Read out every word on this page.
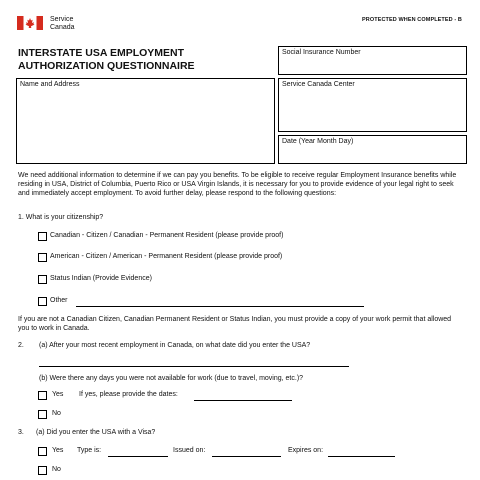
Service
Canada
PROTECTED WHEN COMPLETED - B
INTERSTATE USA EMPLOYMENT
AUTHORIZATION QUESTIONNAIRE
Social Insurance Number
Name and Address	Service Canada Center
Date (Year Month Day)
We need additional information to determine if we can pay you benefits. To be eligible to receive regular Employment Insurance benefits while residing in USA, District of Columbia, Puerto Rico or USA Virgin Islands, it is necessary for you to provide evidence of your legal right to seek and immediately accept employment. To avoid further delay, please respond to the following questions:
1. What is your citizenship?
Canadian - Citizen / Canadian - Permanent Resident (please provide proof)
American - Citizen / American - Permanent Resident (please provide proof)
Status Indian (Provide Evidence)
Other
If you are not a Canadian Citizen, Canadian Permanent Resident or Status Indian, you must provide a copy of your work permit that allowed you to work in Canada.
2. (a) After your most recent employment in Canada, on what date did you enter the USA?
(b) Were there any days you were not available for work (due to travel, moving, etc.)?
Yes If yes, please provide the dates:
No
3. (a) Did you enter the USA with a Visa?
Yes Type is:	Issued on:	Expires on:
No
